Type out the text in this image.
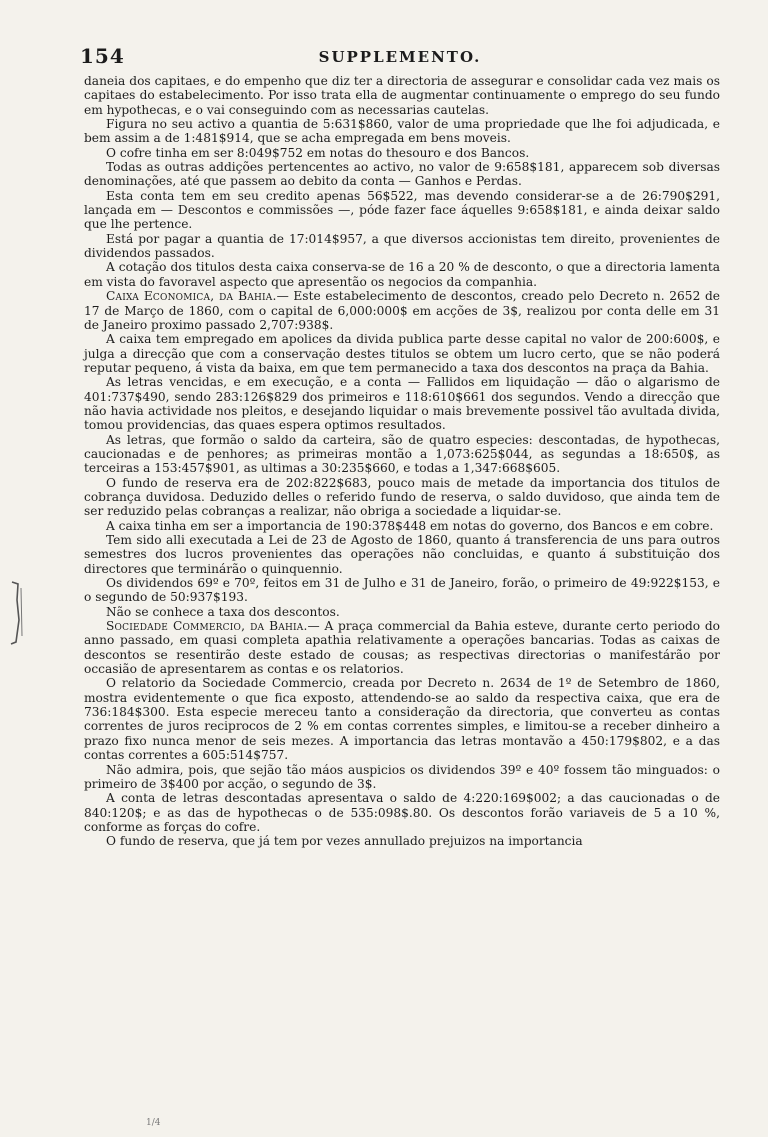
154	SUPPLEMENTO.

daneia dos capitaes, e do empenho que diz ter a directoria de assegurar e consolidar cada vez mais os capitaes do estabelecimento. Por isso trata ella de augmentar continuamente o emprego do seu fundo em hypothecas, e o vai conseguindo com as necessarias cautelas.

Figura no seu activo a quantia de 5:631$860, valor de uma propriedade que lhe foi adjudicada, e bem assim a de 1:481$914, que se acha empregada em bens moveis.

O cofre tinha em ser 8:049$752 em notas do thesouro e dos Bancos.

Todas as outras addições pertencentes ao activo, no valor de 9:658$181, apparecem sob diversas denominações, até que passem ao debito da conta — Ganhos e Perdas.

Esta conta tem em seu credito apenas 56$522, mas devendo considerar-se a de 26:790$291, lançada em — Descontos e commissões —, póde fazer face áquelles 9:658$181, e ainda deixar saldo que lhe pertence.

Está por pagar a quantia de 17:014$957, a que diversos accionistas tem direito, provenientes de dividendos passados.

A cotação dos titulos desta caixa conserva-se de 16 a 20 % de desconto, o que a directoria lamenta em vista do favoravel aspecto que apresentão os negocios da companhia.

Caixa Economica, da Bahia.— Este estabelecimento de descontos, creado pelo Decreto n. 2652 de 17 de Março de 1860, com o capital de 6,000:000$ em acções de 3$, realizou por conta delle em 31 de Janeiro proximo passado 2,707:938$.

A caixa tem empregado em apolices da divida publica parte desse capital no valor de 200:600$, e julga a direcção que com a conservação destes titulos se obtem um lucro certo, que se não poderá reputar pequeno, á vista da baixa, em que tem permanecido a taxa dos descontos na praça da Bahia.

As letras vencidas, e em execução, e a conta — Fallidos em liquidação — dão o algarismo de 401:737$490, sendo 283:126$829 dos primeiros e 118:610$661 dos segundos. Vendo a direcção que não havia actividade nos pleitos, e desejando liquidar o mais brevemente possivel tão avultada divida, tomou providencias, das quaes espera optimos resultados.

As letras, que formão o saldo da carteira, são de quatro especies: descontadas, de hypothecas, caucionadas e de penhores; as primeiras montão a 1,073:625$044, as segundas a 18:650$, as terceiras a 153:457$901, as ultimas a 30:235$660, e todas a 1,347:668$605.

O fundo de reserva era de 202:822$683, pouco mais de metade da importancia dos titulos de cobrança duvidosa. Deduzido delles o referido fundo de reserva, o saldo duvidoso, que ainda tem de ser reduzido pelas cobranças a realizar, não obriga a sociedade a liquidar-se.

A caixa tinha em ser a importancia de 190:378$448 em notas do governo, dos Bancos e em cobre.

Tem sido alli executada a Lei de 23 de Agosto de 1860, quanto á transferencia de uns para outros semestres dos lucros provenientes das operações não concluidas, e quanto á substituição dos directores que terminárão o quinquennio.

Os dividendos 69º e 70º, feitos em 31 de Julho e 31 de Janeiro, forão, o primeiro de 49:922$153, e o segundo de 50:937$193.

Não se conhece a taxa dos descontos.

Sociedade Commercio, da Bahia.— A praça commercial da Bahia esteve, durante certo periodo do anno passado, em quasi completa apathia relativamente a operações bancarias. Todas as caixas de descontos se resentirão deste estado de cousas; as respectivas directorias o manifestárão por occasião de apresentarem as contas e os relatorios.

O relatorio da Sociedade Commercio, creada por Decreto n. 2634 de 1º de Setembro de 1860, mostra evidentemente o que fica exposto, attendendo-se ao saldo da respectiva caixa, que era de 736:184$300. Esta especie mereceu tanto a consideração da directoria, que converteu as contas correntes de juros reciprocos de 2 % em contas correntes simples, e limitou-se a receber dinheiro a prazo fixo nunca menor de seis mezes. A importancia das letras montavão a 450:179$802, e a das contas correntes a 605:514$757.

Não admira, pois, que sejão tão máos auspicios os dividendos 39º e 40º fossem tão minguados: o primeiro de 3$400 por acção, o segundo de 3$.

A conta de letras descontadas apresentava o saldo de 4:220:169$002; a das caucionadas o de 840:120$; e as das de hypothecas o de 535:098$.80. Os descontos forão variaveis de 5 a 10 %, conforme as forças do cofre.

O fundo de reserva, que já tem por vezes annullado prejuizos na importancia

1/4
